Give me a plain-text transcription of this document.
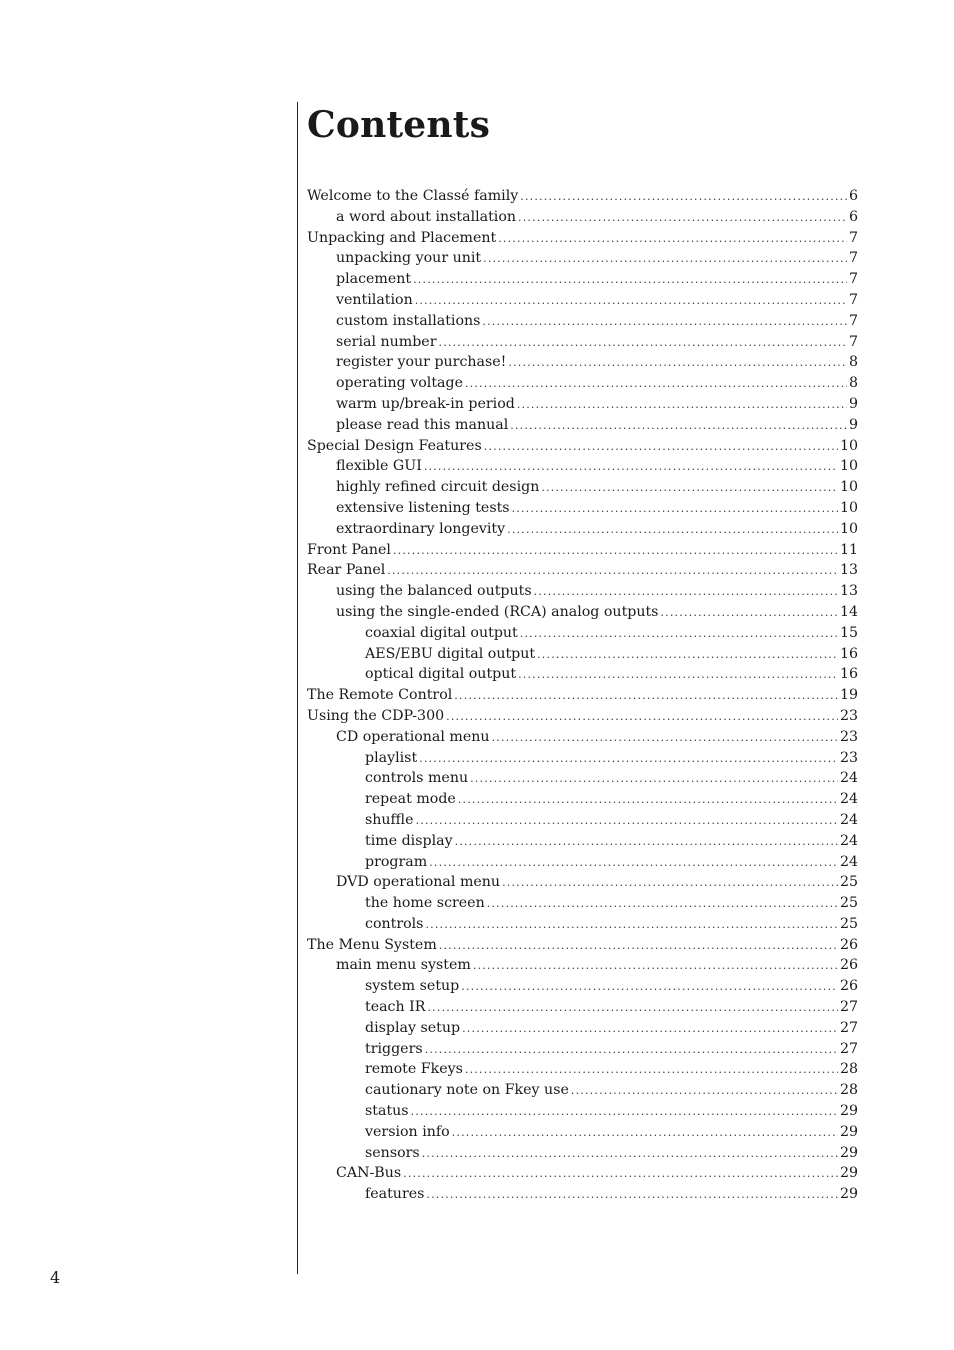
Contents
Welcome to the Classé family .....	6
a word about installation .....	6
Unpacking and Placement .....	7
unpacking your unit .....	7
placement .....	7
ventilation .....	7
custom installations .....	7
serial number .....	7
register your purchase! .....	8
operating voltage .....	8
warm up/break-in period .....	9
please read this manual .....	9
Special Design Features .....	10
flexible GUI .....	10
highly refined circuit design .....	10
extensive listening tests .....	10
extraordinary longevity .....	10
Front Panel .....	11
Rear Panel .....	13
using the balanced outputs .....	13
using the single-ended (RCA) analog outputs .....	14
coaxial digital output .....	15
AES/EBU digital output .....	16
optical digital output .....	16
The Remote Control .....	19
Using the CDP-300 .....	23
CD operational menu .....	23
playlist .....	23
controls menu .....	24
repeat mode .....	24
shuffle .....	24
time display .....	24
program .....	24
DVD operational menu .....	25
the home screen .....	25
controls .....	25
The Menu System .....	26
main menu system .....	26
system setup .....	26
teach IR .....	27
display setup .....	27
triggers .....	27
remote Fkeys .....	28
cautionary note on Fkey use .....	28
status .....	29
version info .....	29
sensors .....	29
CAN-Bus .....	29
features .....	29
4
